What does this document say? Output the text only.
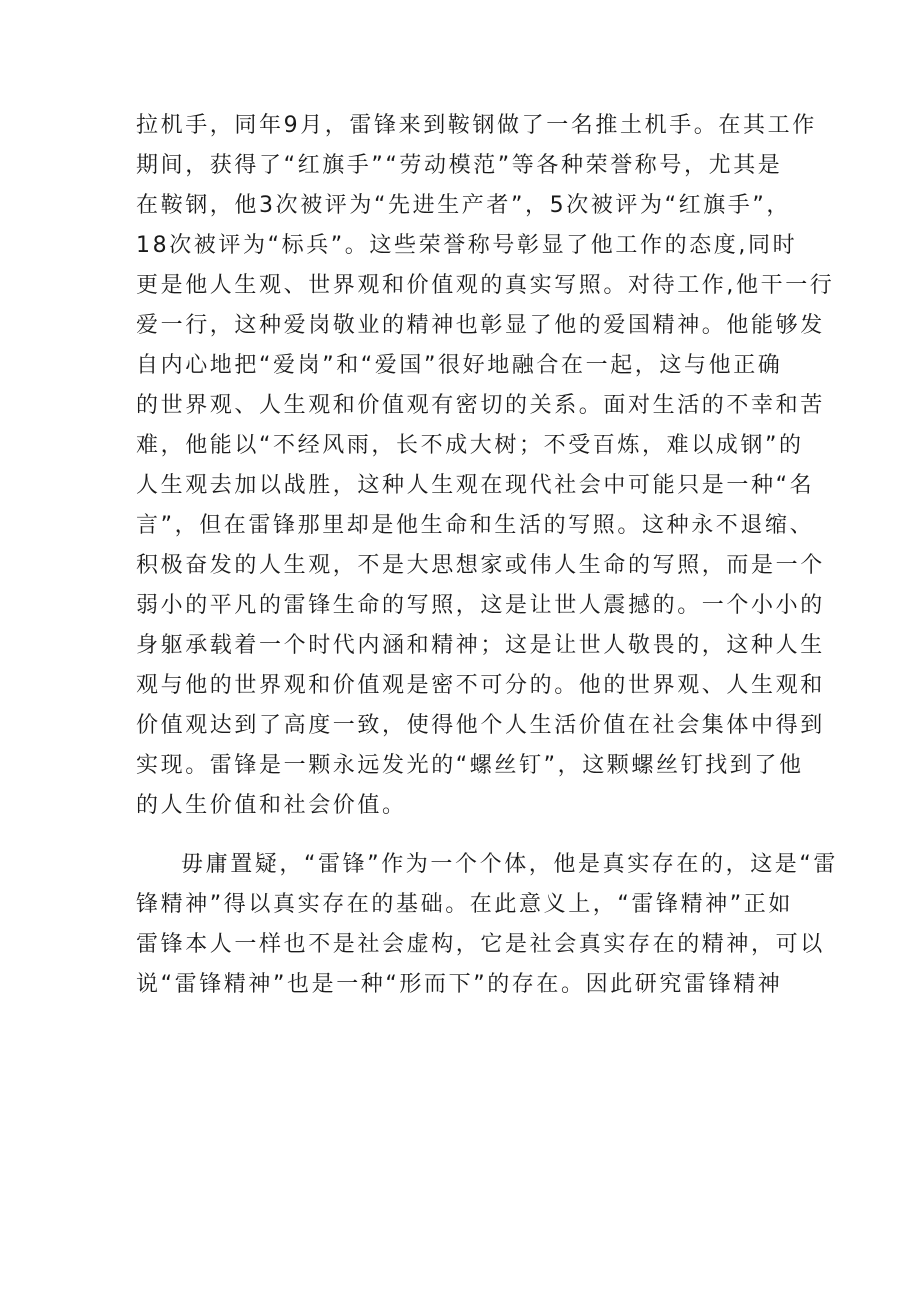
拉机手，同年9月，雷锋来到鞍钢做了一名推土机手。在其工作
期间，获得了“红旗手”“劳动模范”等各种荣誉称号，尤其是
在鞍钢，他3次被评为“先进生产者”，5次被评为“红旗手”，
18次被评为“标兵”。这些荣誉称号彰显了他工作的态度,同时
更是他人生观、世界观和价值观的真实写照。对待工作,他干一行
爱一行，这种爱岗敬业的精神也彰显了他的爱国精神。他能够发
自内心地把“爱岗”和“爱国”很好地融合在一起，这与他正确
的世界观、人生观和价值观有密切的关系。面对生活的不幸和苦
难，他能以“不经风雨，长不成大树；不受百炼，难以成钢”的
人生观去加以战胜，这种人生观在现代社会中可能只是一种“名
言”，但在雷锋那里却是他生命和生活的写照。这种永不退缩、
积极奋发的人生观，不是大思想家或伟人生命的写照，而是一个
弱小的平凡的雷锋生命的写照，这是让世人震撼的。一个小小的
身躯承载着一个时代内涵和精神；这是让世人敬畏的，这种人生
观与他的世界观和价值观是密不可分的。他的世界观、人生观和
价值观达到了高度一致，使得他个人生活价值在社会集体中得到
实现。雷锋是一颗永远发光的“螺丝钉”，这颗螺丝钉找到了他
的人生价值和社会价值。
毋庸置疑，“雷锋”作为一个个体，他是真实存在的，这是“雷
锋精神”得以真实存在的基础。在此意义上，“雷锋精神”正如
雷锋本人一样也不是社会虚构，它是社会真实存在的精神，可以
说“雷锋精神”也是一种“形而下”的存在。因此研究雷锋精神
